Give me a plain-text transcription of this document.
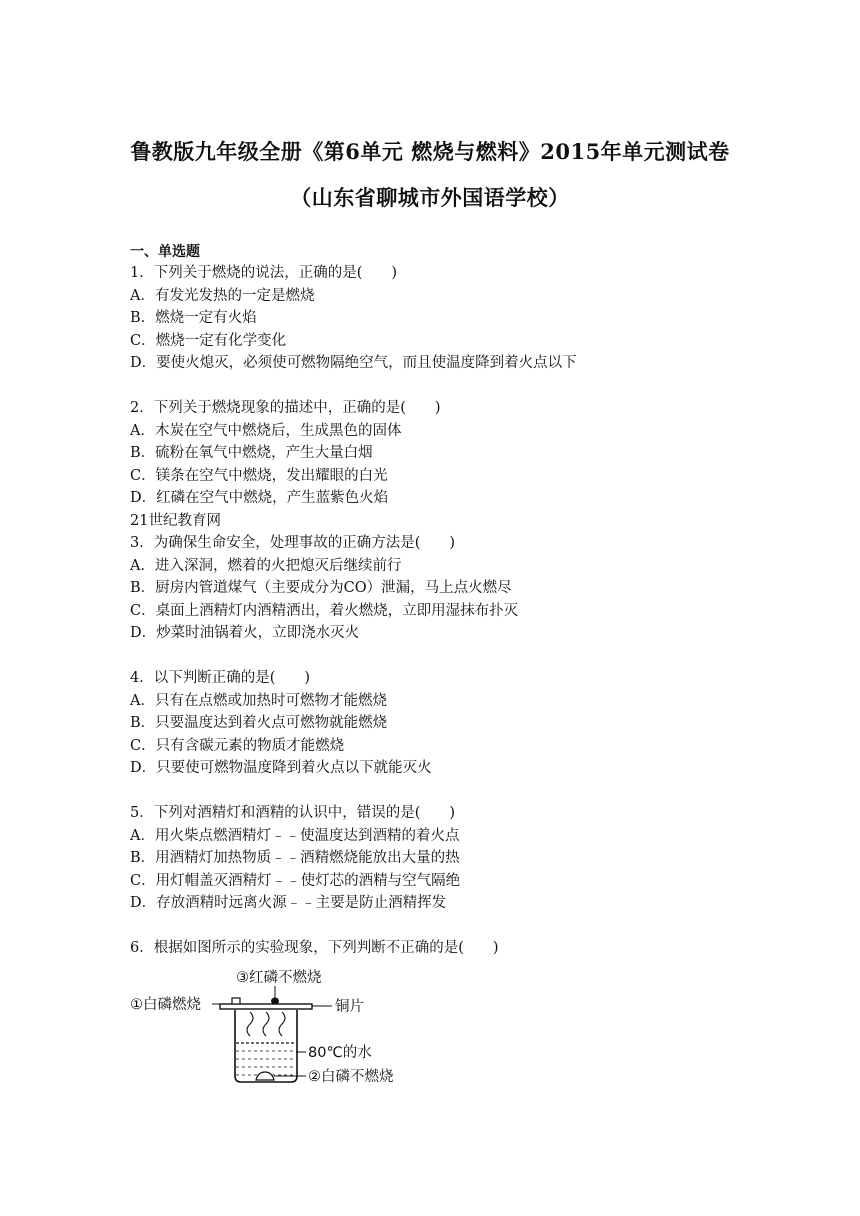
鲁教版九年级全册《第6单元 燃烧与燃料》2015年单元测试卷
（山东省聊城市外国语学校）
一、单选题
1．下列关于燃烧的说法，正确的是(　　)
A．有发光发热的一定是燃烧
B．燃烧一定有火焰
C．燃烧一定有化学变化
D．要使火熄灭，必须使可燃物隔绝空气，而且使温度降到着火点以下
2．下列关于燃烧现象的描述中，正确的是(　　)
A．木炭在空气中燃烧后，生成黑色的固体
B．硫粉在氧气中燃烧，产生大量白烟
C．镁条在空气中燃烧，发出耀眼的白光
D．红磷在空气中燃烧，产生蓝紫色火焰
21世纪教育网
3．为确保生命安全，处理事故的正确方法是(　　)
A．进入深洞，燃着的火把熄灭后继续前行
B．厨房内管道煤气（主要成分为CO）泄漏，马上点火燃尽
C．桌面上酒精灯内酒精洒出，着火燃烧，立即用湿抹布扑灭
D．炒菜时油锅着火，立即浇水灭火
4．以下判断正确的是(　　)
A．只有在点燃或加热时可燃物才能燃烧
B．只要温度达到着火点可燃物就能燃烧
C．只有含碳元素的物质才能燃烧
D．只要使可燃物温度降到着火点以下就能灭火
5．下列对酒精灯和酒精的认识中，错误的是(　　)
A．用火柴点燃酒精灯﹣﹣使温度达到酒精的着火点
B．用酒精灯加热物质﹣﹣酒精燃烧能放出大量的热
C．用灯帽盖灭酒精灯﹣﹣使灯芯的酒精与空气隔绝
D．存放酒精时远离火源﹣﹣主要是防止酒精挥发
6．根据如图所示的实验现象，下列判断不正确的是(　　)
③红磷不燃烧
①白磷燃烧	铜片
80℃的水
②白磷不燃烧
